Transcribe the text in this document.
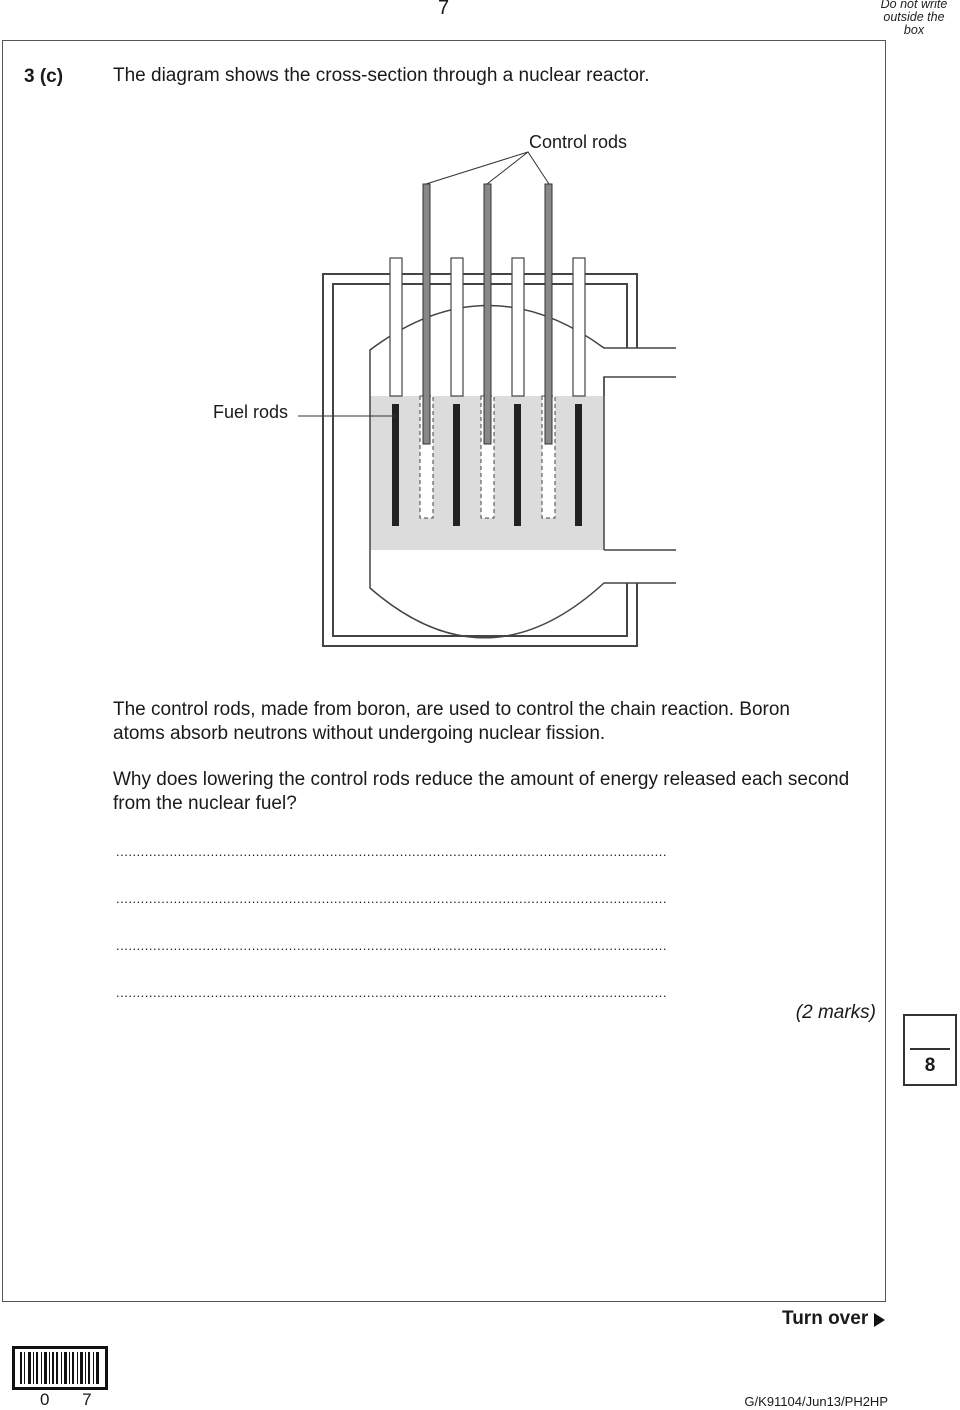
7	Do not write outside the box
3 (c)	The diagram shows the cross-section through a nuclear reactor.
Control rods
Fuel rods
The control rods, made from boron, are used to control the chain reaction. Boron
atoms absorb neutrons without undergoing nuclear fission.
Why does lowering the control rods reduce the amount of energy released each second
from the nuclear fuel?
......................................................................................................................................
......................................................................................................................................
......................................................................................................................................
......................................................................................................................................
(2 marks)
8
Turn over
0 7	G/K91104/Jun13/PH2HP
